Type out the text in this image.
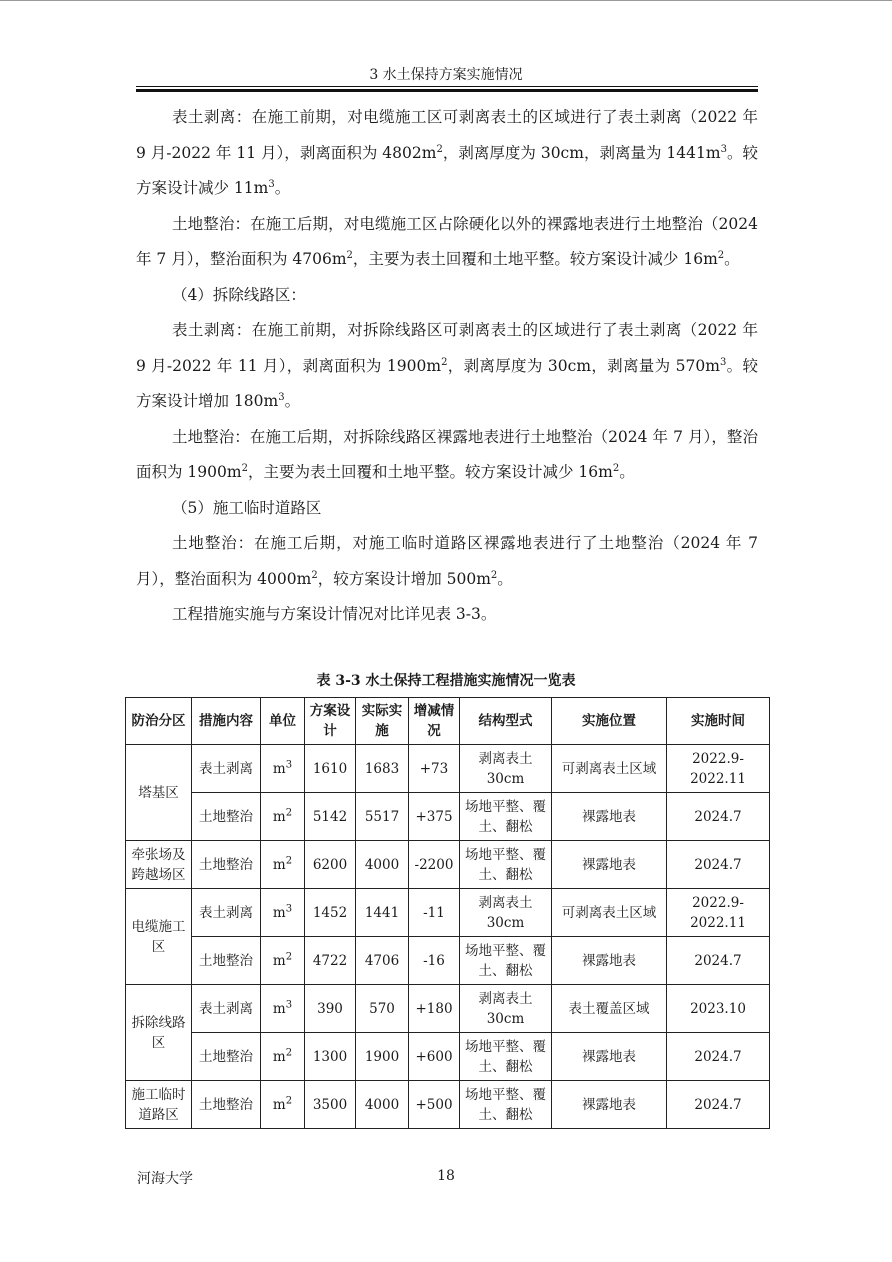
3 水土保持方案实施情况

表土剥离：在施工前期，对电缆施工区可剥离表土的区域进行了表土剥离（2022 年 9 月-2022 年 11 月），剥离面积为 $4802m^2$，剥离厚度为 30cm，剥离量为 $1441m^3$。较方案设计减少 $11m^3$。

土地整治：在施工后期，对电缆施工区占除硬化以外的裸露地表进行土地整治（2024 年 7 月），整治面积为 $4706m^2$，主要为表土回覆和土地平整。较方案设计减少 $16m^2$。

（4）拆除线路区：

表土剥离：在施工前期，对拆除线路区可剥离表土的区域进行了表土剥离（2022 年 9 月-2022 年 11 月），剥离面积为 $1900m^2$，剥离厚度为 30cm，剥离量为 $570m^3$。较方案设计增加 $180m^3$。

土地整治：在施工后期，对拆除线路区裸露地表进行土地整治（2024 年 7 月），整治面积为 $1900m^2$，主要为表土回覆和土地平整。较方案设计减少 $16m^2$。

（5）施工临时道路区

土地整治：在施工后期，对施工临时道路区裸露地表进行了土地整治（2024 年 7 月），整治面积为 $4000m^2$，较方案设计增加 $500m^2$。

工程措施实施与方案设计情况对比详见表 3-3。

表 3-3 水土保持工程措施实施情况一览表
防治分区	措施内容	单位	方案设计	实际实施	增减情况	结构型式	实施位置	实施时间
塔基区	表土剥离	$m^3$	1610	1683	+73	剥离表土 30cm	可剥离表土区域	2022.9-2022.11
	土地整治	$m^2$	5142	5517	+375	场地平整、覆土、翻松	裸露地表	2024.7
牵张场及跨越场区	土地整治	$m^2$	6200	4000	-2200	场地平整、覆土、翻松	裸露地表	2024.7
电缆施工区	表土剥离	$m^3$	1452	1441	-11	剥离表土 30cm	可剥离表土区域	2022.9-2022.11
	土地整治	$m^2$	4722	4706	-16	场地平整、覆土、翻松	裸露地表	2024.7
拆除线路区	表土剥离	$m^3$	390	570	+180	剥离表土 30cm	表土覆盖区域	2023.10
	土地整治	$m^2$	1300	1900	+600	场地平整、覆土、翻松	裸露地表	2024.7
施工临时道路区	土地整治	$m^2$	3500	4000	+500	场地平整、覆土、翻松	裸露地表	2024.7
河海大学	18
